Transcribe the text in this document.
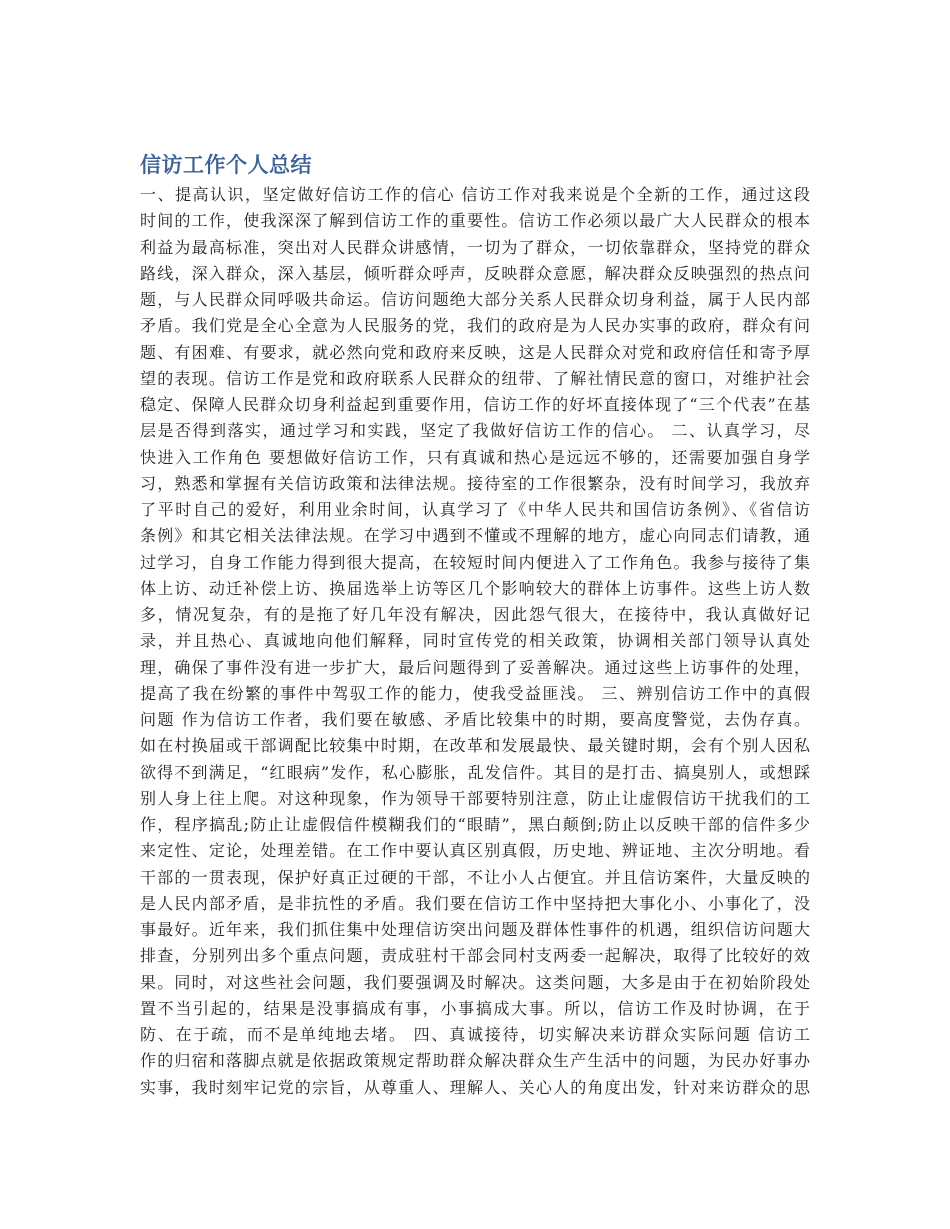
信访工作个人总结
一、提高认识，坚定做好信访工作的信心 信访工作对我来说是个全新的工作，通过这段
时间的工作，使我深深了解到信访工作的重要性。信访工作必须以最广大人民群众的根本
利益为最高标准，突出对人民群众讲感情，一切为了群众，一切依靠群众，坚持党的群众
路线，深入群众，深入基层，倾听群众呼声，反映群众意愿，解决群众反映强烈的热点问
题，与人民群众同呼吸共命运。信访问题绝大部分关系人民群众切身利益，属于人民内部
矛盾。我们党是全心全意为人民服务的党，我们的政府是为人民办实事的政府，群众有问
题、有困难、有要求，就必然向党和政府来反映，这是人民群众对党和政府信任和寄予厚
望的表现。信访工作是党和政府联系人民群众的纽带、了解社情民意的窗口，对维护社会
稳定、保障人民群众切身利益起到重要作用，信访工作的好坏直接体现了“三个代表”在基
层是否得到落实，通过学习和实践，坚定了我做好信访工作的信心。 二、认真学习，尽
快进入工作角色 要想做好信访工作，只有真诚和热心是远远不够的，还需要加强自身学
习，熟悉和掌握有关信访政策和法律法规。接待室的工作很繁杂，没有时间学习，我放弃
了平时自己的爱好，利用业余时间，认真学习了《中华人民共和国信访条例》、《省信访
条例》和其它相关法律法规。在学习中遇到不懂或不理解的地方，虚心向同志们请教，通
过学习，自身工作能力得到很大提高，在较短时间内便进入了工作角色。我参与接待了集
体上访、动迁补偿上访、换届选举上访等区几个影响较大的群体上访事件。这些上访人数
多，情况复杂，有的是拖了好几年没有解决，因此怨气很大，在接待中，我认真做好记
录，并且热心、真诚地向他们解释，同时宣传党的相关政策，协调相关部门领导认真处
理，确保了事件没有进一步扩大，最后问题得到了妥善解决。通过这些上访事件的处理，
提高了我在纷繁的事件中驾驭工作的能力，使我受益匪浅。 三、辨别信访工作中的真假
问题 作为信访工作者，我们要在敏感、矛盾比较集中的时期，要高度警觉，去伪存真。
如在村换届或干部调配比较集中时期，在改革和发展最快、最关键时期，会有个别人因私
欲得不到满足，“红眼病”发作，私心膨胀，乱发信件。其目的是打击、搞臭别人，或想踩
别人身上往上爬。对这种现象，作为领导干部要特别注意，防止让虚假信访干扰我们的工
作，程序搞乱;防止让虚假信件模糊我们的“眼睛”，黑白颠倒;防止以反映干部的信件多少
来定性、定论，处理差错。在工作中要认真区别真假，历史地、辨证地、主次分明地。看
干部的一贯表现，保护好真正过硬的干部，不让小人占便宜。并且信访案件，大量反映的
是人民内部矛盾，是非抗性的矛盾。我们要在信访工作中坚持把大事化小、小事化了，没
事最好。近年来，我们抓住集中处理信访突出问题及群体性事件的机遇，组织信访问题大
排查，分别列出多个重点问题，责成驻村干部会同村支两委一起解决，取得了比较好的效
果。同时，对这些社会问题，我们要强调及时解决。这类问题，大多是由于在初始阶段处
置不当引起的，结果是没事搞成有事，小事搞成大事。所以，信访工作及时协调，在于
防、在于疏，而不是单纯地去堵。 四、真诚接待，切实解决来访群众实际问题 信访工
作的归宿和落脚点就是依据政策规定帮助群众解决群众生产生活中的问题，为民办好事办
实事，我时刻牢记党的宗旨，从尊重人、理解人、关心人的角度出发，针对来访群众的思
